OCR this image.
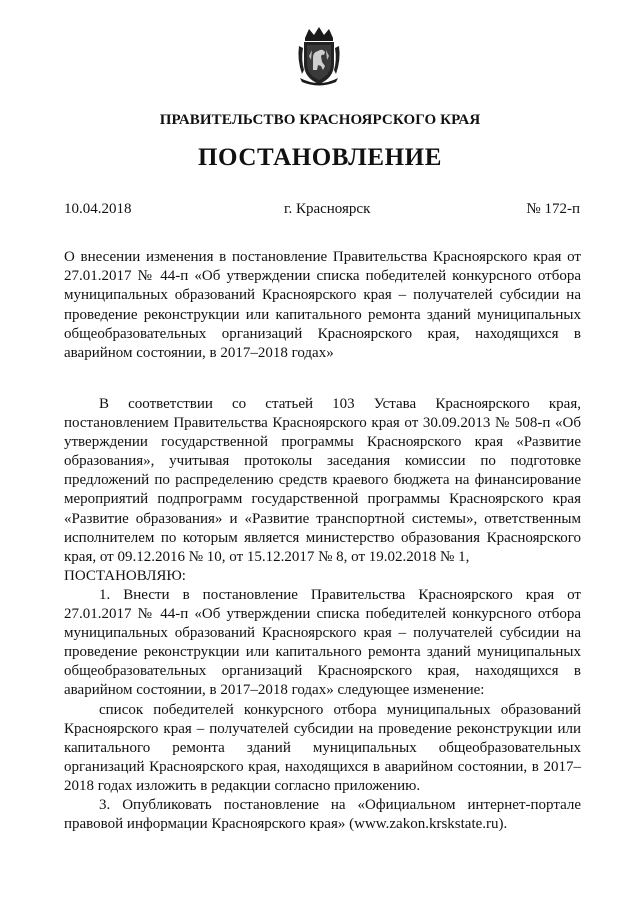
ПРАВИТЕЛЬСТВО КРАСНОЯРСКОГО КРАЯ
ПОСТАНОВЛЕНИЕ
10.04.2018	г. Красноярск	№ 172-п
О внесении изменения в постановление Правительства Красноярского края от 27.01.2017 № 44-п «Об утверждении списка победителей конкурсного отбора муниципальных образований Красноярского края – получателей субсидии на проведение реконструкции или капитального ремонта зданий муниципальных общеобразовательных организаций Красноярского края, находящихся в аварийном состоянии, в 2017–2018 годах»

В соответствии со статьей 103 Устава Красноярского края, постановлением Правительства Красноярского края от 30.09.2013 № 508-п «Об утверждении государственной программы Красноярского края «Развитие образования», учитывая протоколы заседания комиссии по подготовке предложений по распределению средств краевого бюджета на финансирование мероприятий подпрограмм государственной программы Красноярского края «Развитие образования» и «Развитие транспортной системы», ответственным исполнителем по которым является министерство образования Красноярского края, от 09.12.2016 № 10, от 15.12.2017 № 8, от 19.02.2018 № 1,

ПОСТАНОВЛЯЮ:

1. Внести в постановление Правительства Красноярского края от 27.01.2017 № 44-п «Об утверждении списка победителей конкурсного отбора муниципальных образований Красноярского края – получателей субсидии на проведение реконструкции или капитального ремонта зданий муниципальных общеобразовательных организаций Красноярского края, находящихся в аварийном состоянии, в 2017–2018 годах» следующее изменение:

список победителей конкурсного отбора муниципальных образований Красноярского края – получателей субсидии на проведение реконструкции или капитального ремонта зданий муниципальных общеобразовательных организаций Красноярского края, находящихся в аварийном состоянии, в 2017–2018 годах изложить в редакции согласно приложению.

3. Опубликовать постановление на «Официальном интернет-портале правовой информации Красноярского края» (www.zakon.krskstate.ru).
